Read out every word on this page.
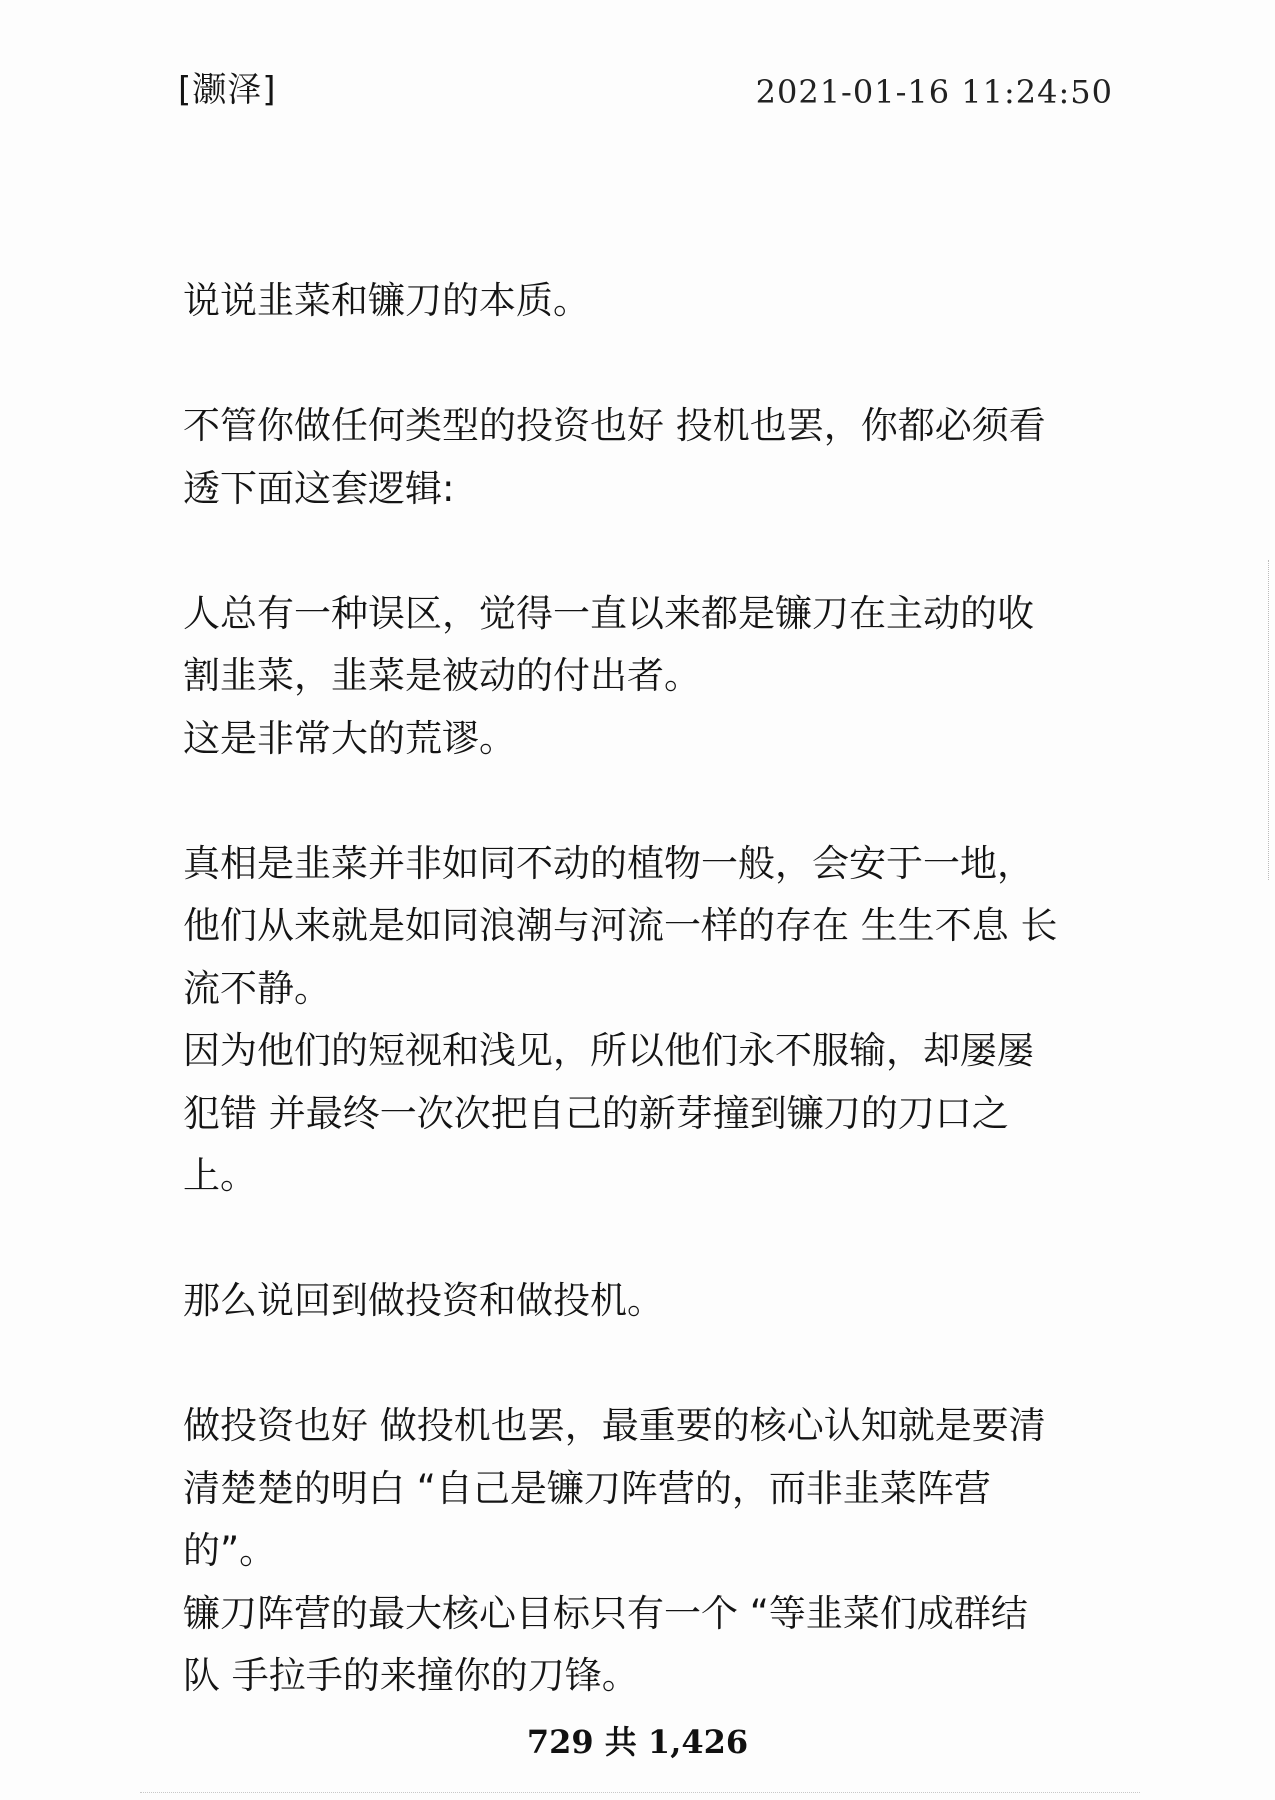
[灏泽]	2021-01-16 11:24:50

说说韭菜和镰刀的本质。

不管你做任何类型的投资也好 投机也罢，你都必须看
透下面这套逻辑:

人总有一种误区，觉得一直以来都是镰刀在主动的收
割韭菜，韭菜是被动的付出者。
这是非常大的荒谬。

真相是韭菜并非如同不动的植物一般，会安于一地，
他们从来就是如同浪潮与河流一样的存在 生生不息 长
流不静。
因为他们的短视和浅见，所以他们永不服输，却屡屡
犯错 并最终一次次把自己的新芽撞到镰刀的刀口之
上。

那么说回到做投资和做投机。

做投资也好 做投机也罢，最重要的核心认知就是要清
清楚楚的明白 “自己是镰刀阵营的，而非韭菜阵营
的”。
镰刀阵营的最大核心目标只有一个 “等韭菜们成群结
队 手拉手的来撞你的刀锋。

729 共 1,426
